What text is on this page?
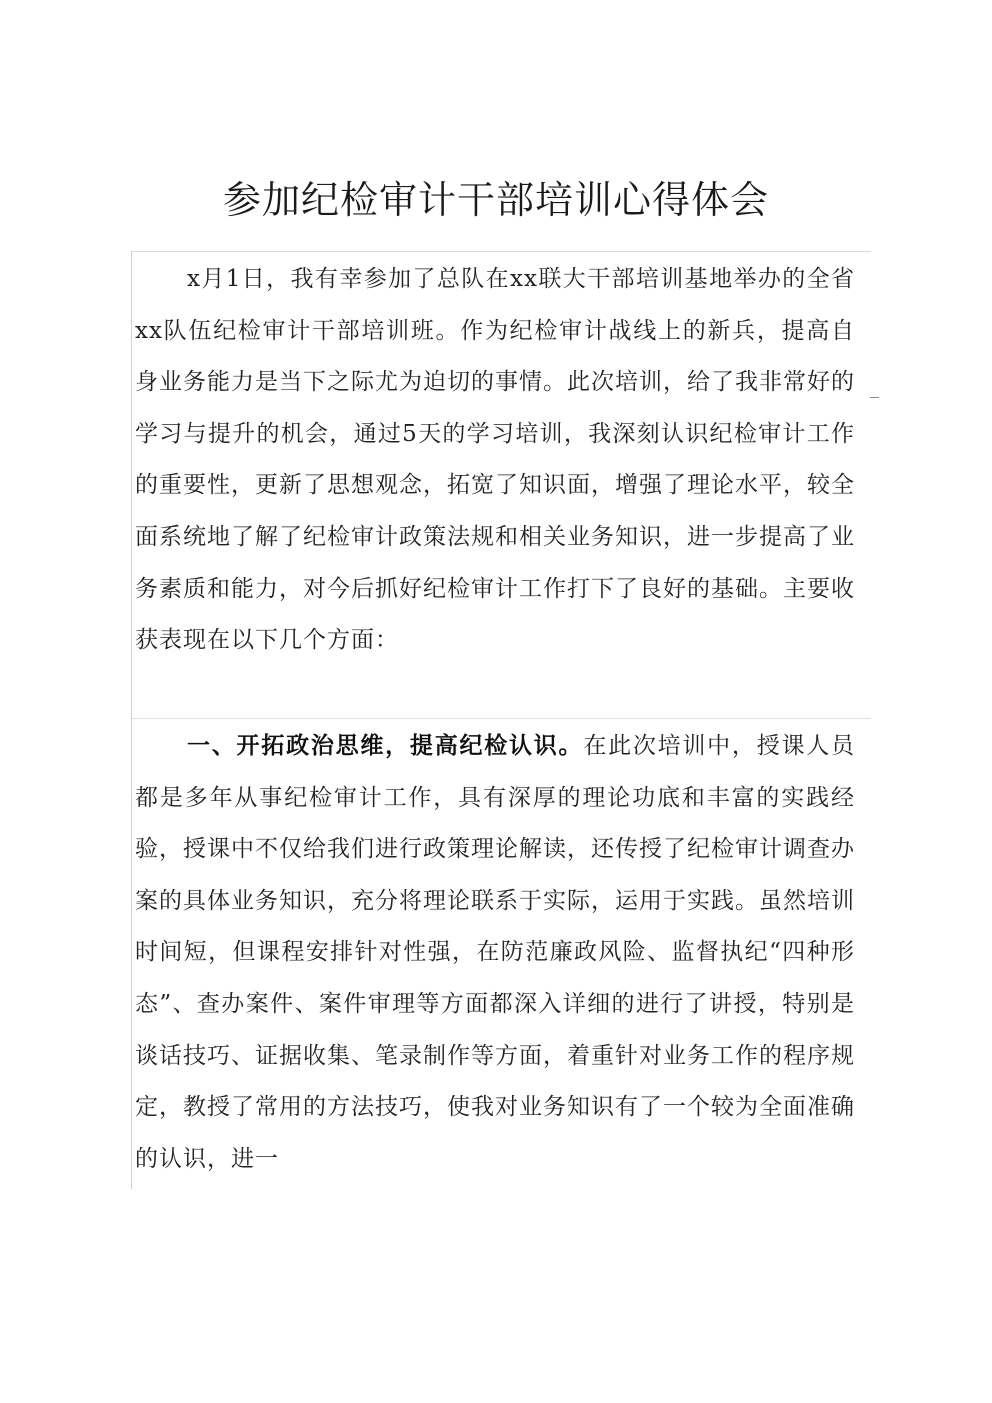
参加纪检审计干部培训心得体会

x月1日，我有幸参加了总队在xx联大干部培训基地举办的全省xx队伍纪检审计干部培训班。作为纪检审计战线上的新兵，提高自身业务能力是当下之际尤为迫切的事情。此次培训，给了我非常好的学习与提升的机会，通过5天的学习培训，我深刻认识纪检审计工作的重要性，更新了思想观念，拓宽了知识面，增强了理论水平，较全面系统地了解了纪检审计政策法规和相关业务知识，进一步提高了业务素质和能力，对今后抓好纪检审计工作打下了良好的基础。主要收获表现在以下几个方面：

一、开拓政治思维，提高纪检认识。在此次培训中，授课人员都是多年从事纪检审计工作，具有深厚的理论功底和丰富的实践经验，授课中不仅给我们进行政策理论解读，还传授了纪检审计调查办案的具体业务知识，充分将理论联系于实际，运用于实践。虽然培训时间短，但课程安排针对性强，在防范廉政风险、监督执纪“四种形态”、查办案件、案件审理等方面都深入详细的进行了讲授，特别是谈话技巧、证据收集、笔录制作等方面，着重针对业务工作的程序规定，教授了常用的方法技巧，使我对业务知识有了一个较为全面准确的认识，进一
